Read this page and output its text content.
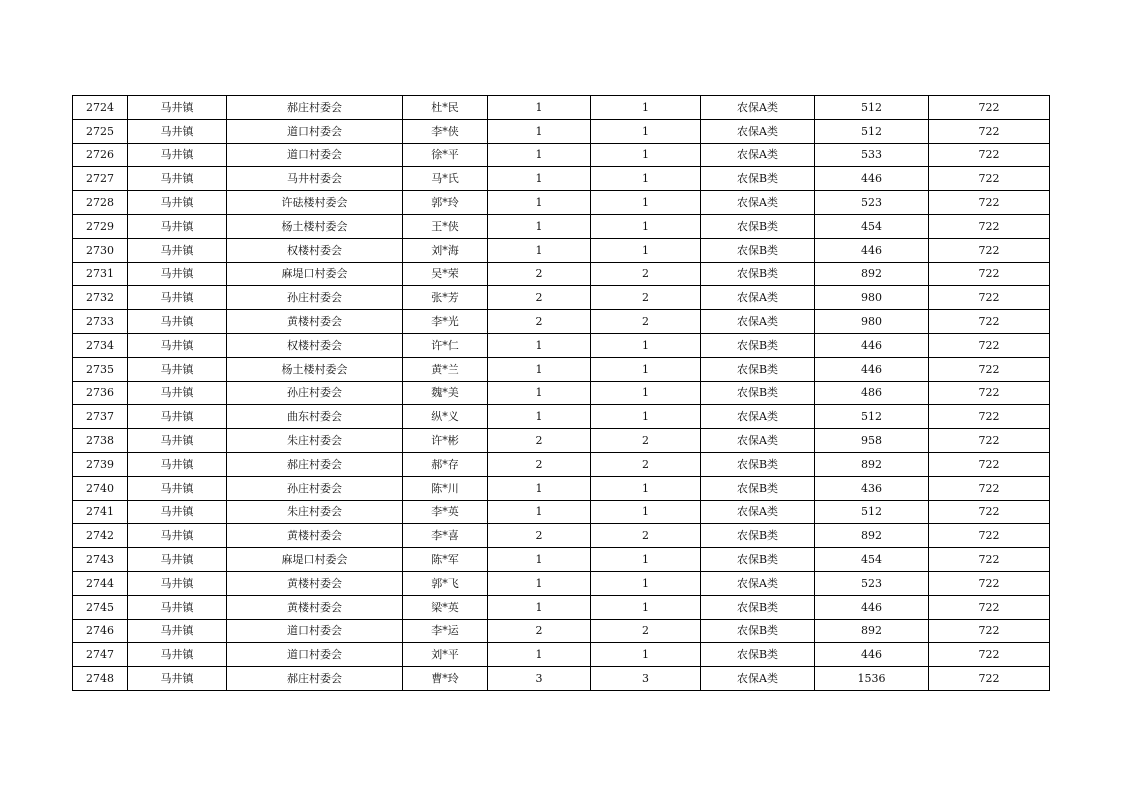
2724	马井镇	郝庄村委会	杜*民	1	1	农保A类	512	722
2725	马井镇	道口村委会	李*侠	1	1	农保A类	512	722
2726	马井镇	道口村委会	徐*平	1	1	农保A类	533	722
2727	马井镇	马井村委会	马*氏	1	1	农保B类	446	722
2728	马井镇	许砝楼村委会	郭*玲	1	1	农保A类	523	722
2729	马井镇	杨土楼村委会	王*侠	1	1	农保B类	454	722
2730	马井镇	权楼村委会	刘*海	1	1	农保B类	446	722
2731	马井镇	麻堤口村委会	吴*荣	2	2	农保B类	892	722
2732	马井镇	孙庄村委会	张*芳	2	2	农保A类	980	722
2733	马井镇	黄楼村委会	李*光	2	2	农保A类	980	722
2734	马井镇	权楼村委会	许*仁	1	1	农保B类	446	722
2735	马井镇	杨土楼村委会	黄*兰	1	1	农保B类	446	722
2736	马井镇	孙庄村委会	魏*美	1	1	农保B类	486	722
2737	马井镇	曲东村委会	纵*义	1	1	农保A类	512	722
2738	马井镇	朱庄村委会	许*彬	2	2	农保A类	958	722
2739	马井镇	郝庄村委会	郝*存	2	2	农保B类	892	722
2740	马井镇	孙庄村委会	陈*川	1	1	农保B类	436	722
2741	马井镇	朱庄村委会	李*英	1	1	农保A类	512	722
2742	马井镇	黄楼村委会	李*喜	2	2	农保B类	892	722
2743	马井镇	麻堤口村委会	陈*军	1	1	农保B类	454	722
2744	马井镇	黄楼村委会	郭*飞	1	1	农保A类	523	722
2745	马井镇	黄楼村委会	梁*英	1	1	农保B类	446	722
2746	马井镇	道口村委会	李*运	2	2	农保B类	892	722
2747	马井镇	道口村委会	刘*平	1	1	农保B类	446	722
2748	马井镇	郝庄村委会	曹*玲	3	3	农保A类	1536	722
